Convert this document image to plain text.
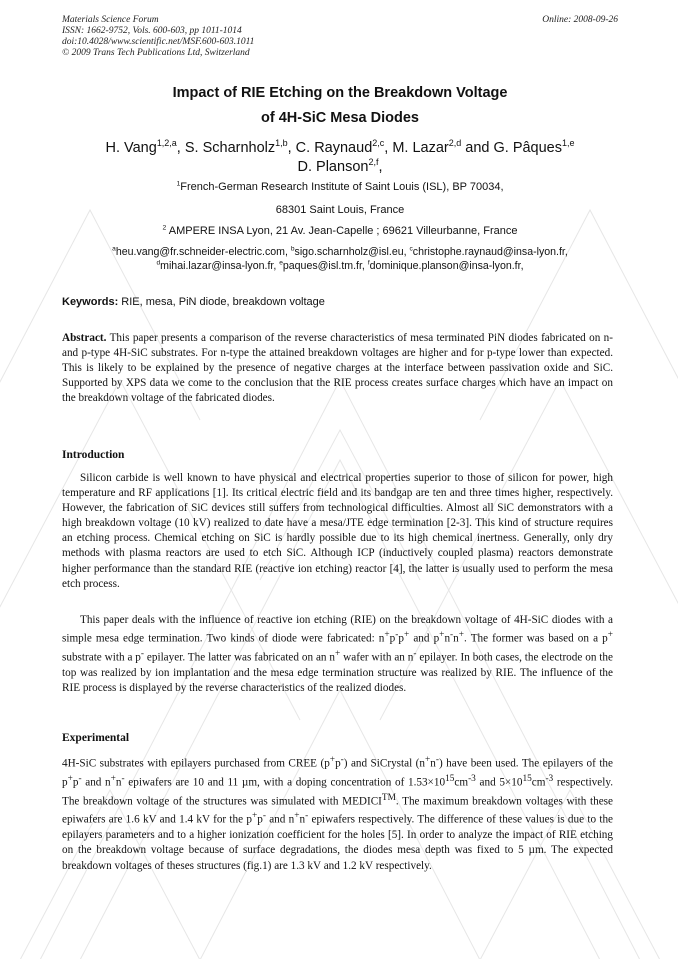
Materials Science Forum
ISSN: 1662-9752, Vols. 600-603, pp 1011-1014
doi:10.4028/www.scientific.net/MSF.600-603.1011
© 2009 Trans Tech Publications Ltd, Switzerland
Online: 2008-09-26
Impact of RIE Etching on the Breakdown Voltage
of 4H-SiC Mesa Diodes
H. Vang$^{1,2,a}$, S. Scharnholz$^{1,b}$, C. Raynaud$^{2,c}$, M. Lazar$^{2,d}$ and G. Pâques$^{1,e}$
D. Planson$^{2,f}$,
$^1$French-German Research Institute of Saint Louis (ISL), BP 70034,
68301 Saint Louis, France
$^2$ AMPERE INSA Lyon, 21 Av. Jean-Capelle ; 69621 Villeurbanne, France
$^a$heu.vang@fr.schneider-electric.com, $^b$sigo.scharnholz@isl.eu, $^c$christophe.raynaud@insa-lyon.fr,
$^d$mihai.lazar@insa-lyon.fr, $^e$paques@isl.tm.fr, $^f$dominique.planson@insa-lyon.fr,
Keywords: RIE, mesa, PiN diode, breakdown voltage
Abstract. This paper presents a comparison of the reverse characteristics of mesa terminated PiN diodes fabricated on n- and p-type 4H-SiC substrates. For n-type the attained breakdown voltages are higher and for p-type lower than expected. This is likely to be explained by the presence of negative charges at the interface between passivation oxide and SiC. Supported by XPS data we come to the conclusion that the RIE process creates surface charges which have an impact on the breakdown voltage of the fabricated diodes.
Introduction
Silicon carbide is well known to have physical and electrical properties superior to those of silicon for power, high temperature and RF applications [1]. Its critical electric field and its bandgap are ten and three times higher, respectively. However, the fabrication of SiC devices still suffers from technological difficulties. Almost all SiC demonstrators with a high breakdown voltage (10 kV) realized to date have a mesa/JTE edge termination [2-3]. This kind of structure requires an etching process. Chemical etching on SiC is hardly possible due to its high chemical inertness. Generally, only dry methods with plasma reactors are used to etch SiC. Although ICP (inductively coupled plasma) reactors demonstrate higher performance than the standard RIE (reactive ion etching) reactor [4], the latter is usually used to perform the mesa etch process.
This paper deals with the influence of reactive ion etching (RIE) on the breakdown voltage of 4H-SiC diodes with a simple mesa edge termination. Two kinds of diode were fabricated: n+p-p+ and p+n-n+. The former was based on a p+ substrate with a p- epilayer. The latter was fabricated on an n+ wafer with an n- epilayer. In both cases, the electrode on the top was realized by ion implantation and the mesa edge termination structure was realized by RIE. The influence of the RIE process is displayed by the reverse characteristics of the realized diodes.
Experimental
4H-SiC substrates with epilayers purchased from CREE (p+p-) and SiCrystal (n+n-) have been used. The epilayers of the p+p- and n+n- epiwafers are 10 and 11 µm, with a doping concentration of $1.53\times 10^{15}cm^{-3}$ and $5\times 10^{15}cm^{-3}$ respectively. The breakdown voltage of the structures was simulated with MEDICI™. The maximum breakdown voltages with these epiwafers are 1.6 kV and 1.4 kV for the p+p- and n+n- epiwafers respectively. The difference of these values is due to the epilayers parameters and to a higher ionization coefficient for the holes [5]. In order to analyze the impact of RIE etching on the breakdown voltage because of surface degradations, the diodes mesa depth was fixed to 5 µm. The expected breakdown voltages of theses structures (fig.1) are 1.3 kV and 1.2 kV respectively.
